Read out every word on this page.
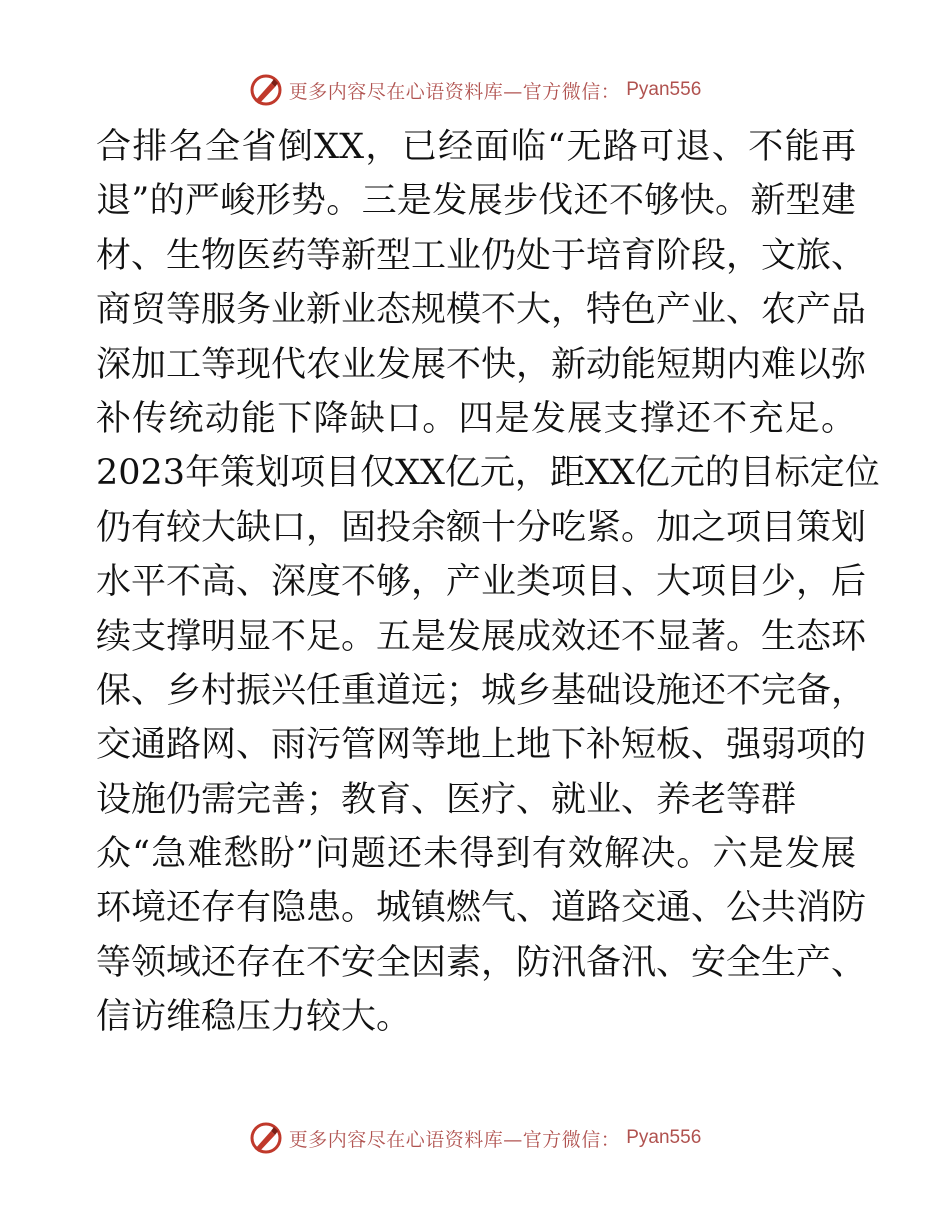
更多内容尽在心语资料库—官方微信： Pyan556
合排名全省倒XX，已经面临“无路可退、不能再
退”的严峻形势。三是发展步伐还不够快。新型建
材、生物医药等新型工业仍处于培育阶段，文旅、
商贸等服务业新业态规模不大，特色产业、农产品
深加工等现代农业发展不快，新动能短期内难以弥
补传统动能下降缺口。四是发展支撑还不充足。
2023年策划项目仅XX亿元，距XX亿元的目标定位
仍有较大缺口，固投余额十分吃紧。加之项目策划
水平不高、深度不够，产业类项目、大项目少，后
续支撑明显不足。五是发展成效还不显著。生态环
保、乡村振兴任重道远；城乡基础设施还不完备，
交通路网、雨污管网等地上地下补短板、强弱项的
设施仍需完善；教育、医疗、就业、养老等群
众“急难愁盼”问题还未得到有效解决。六是发展
环境还存有隐患。城镇燃气、道路交通、公共消防
等领域还存在不安全因素，防汛备汛、安全生产、
信访维稳压力较大。
更多内容尽在心语资料库—官方微信： Pyan556
